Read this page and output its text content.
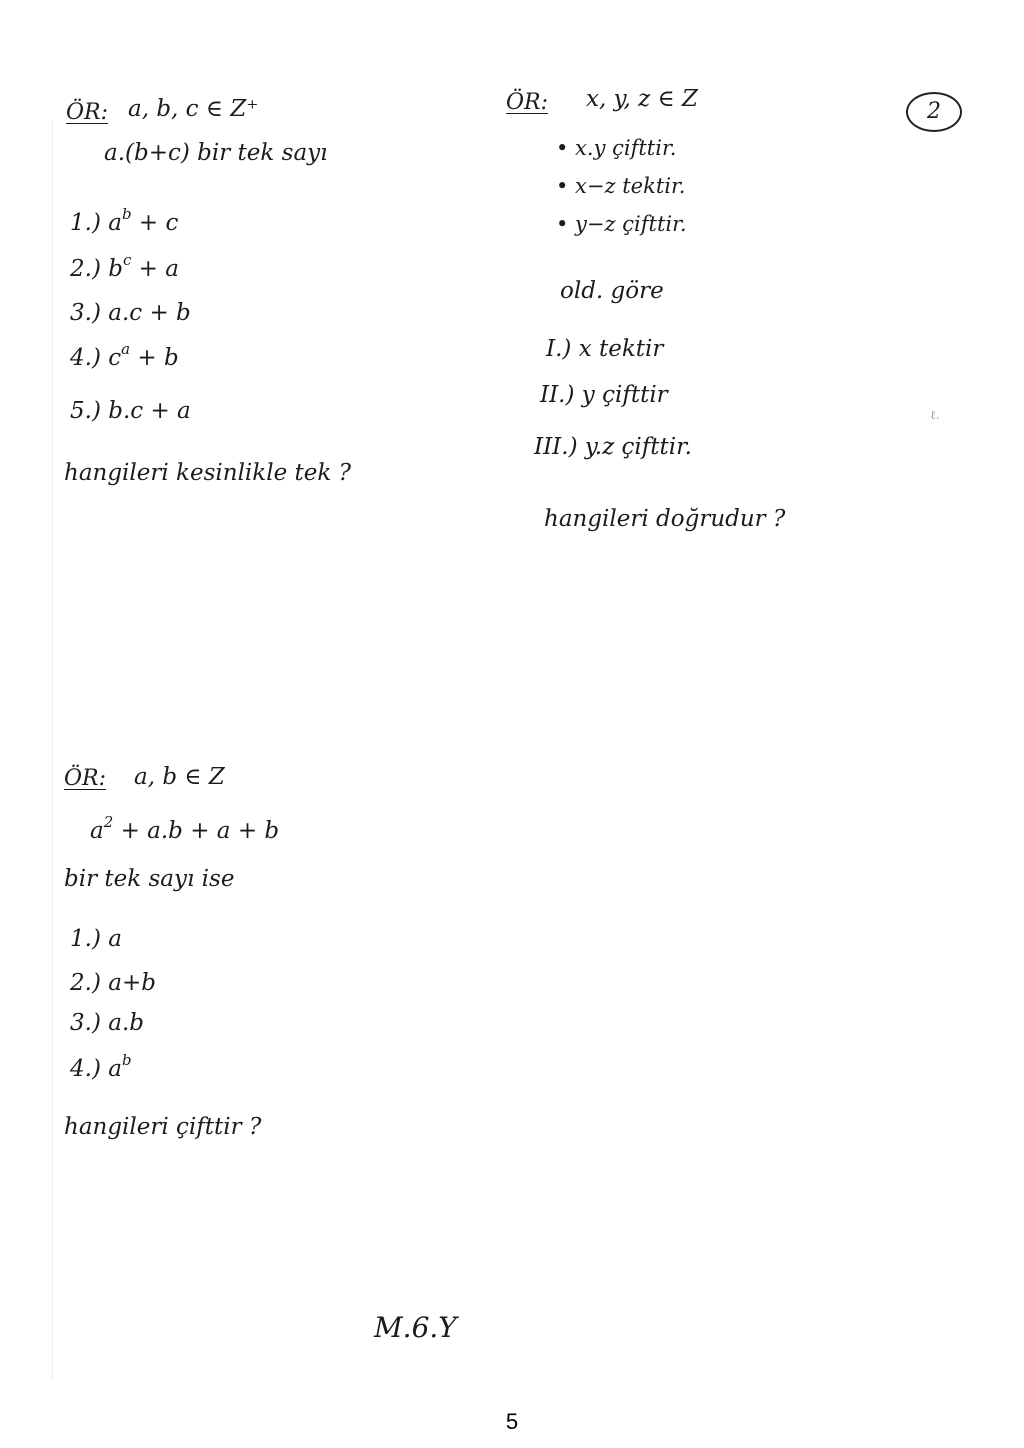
2
ℓ.
ÖR: a, b, c ∈ Z⁺
a.(b+c) bir tek sayı
1.) $a^b + c$
2.) $b^c + a$
3.) a.c + b
4.) $c^a + b$
5.) b.c + a
hangileri kesinlikle tek ?
ÖR: x, y, z ∈ Z
• x.y çifttir.
• x−z tektir.
• y−z çifttir.
old. göre
I.) x tektir
II.) y çifttir
III.) y.z çifttir.
hangileri doğrudur ?
ÖR: a, b ∈ Z
$a^2 + a.b + a + b$
bir tek sayı ise
1.) a
2.) a+b
3.) a.b
4.) $a^b$
hangileri çifttir ?
M.6.Y
5
